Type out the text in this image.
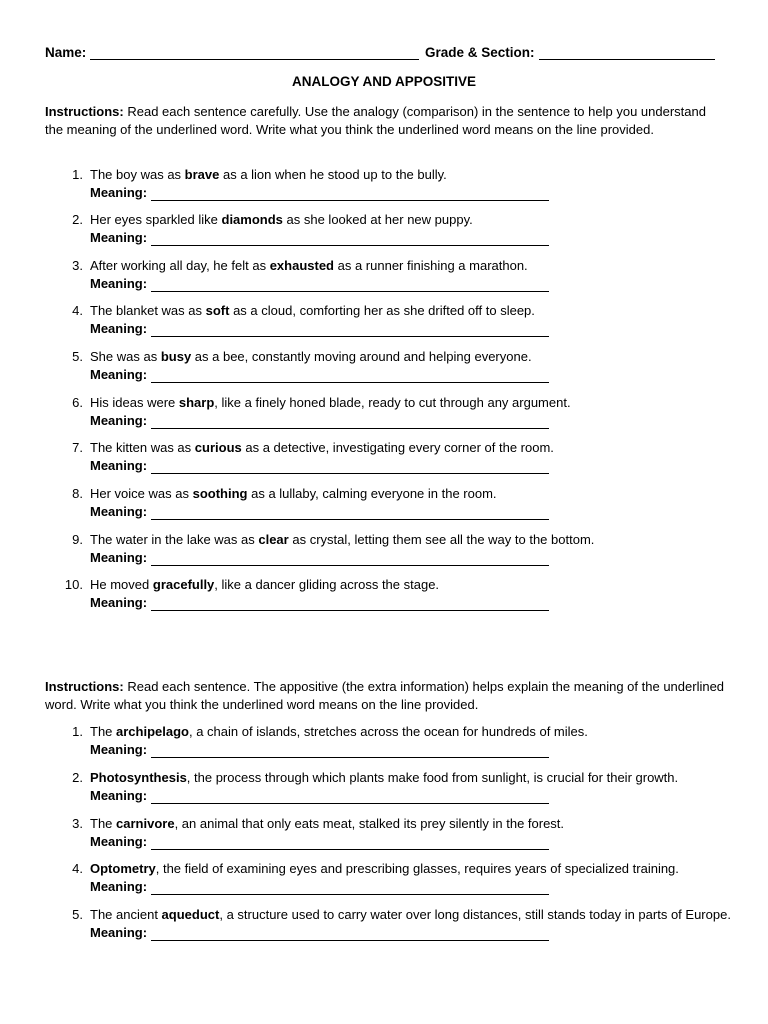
Name:	Grade & Section:
ANALOGY AND APPOSITIVE
Instructions: Read each sentence carefully. Use the analogy (comparison) in the sentence to help you understand the meaning of the underlined word. Write what you think the underlined word means on the line provided.
1. The boy was as brave as a lion when he stood up to the bully.
Meaning:
2. Her eyes sparkled like diamonds as she looked at her new puppy.
Meaning:
3. After working all day, he felt as exhausted as a runner finishing a marathon.
Meaning:
4. The blanket was as soft as a cloud, comforting her as she drifted off to sleep.
Meaning:
5. She was as busy as a bee, constantly moving around and helping everyone.
Meaning:
6. His ideas were sharp, like a finely honed blade, ready to cut through any argument.
Meaning:
7. The kitten was as curious as a detective, investigating every corner of the room.
Meaning:
8. Her voice was as soothing as a lullaby, calming everyone in the room.
Meaning:
9. The water in the lake was as clear as crystal, letting them see all the way to the bottom.
Meaning:
10. He moved gracefully, like a dancer gliding across the stage.
Meaning:
Instructions: Read each sentence. The appositive (the extra information) helps explain the meaning of the underlined word. Write what you think the underlined word means on the line provided.
1. The archipelago, a chain of islands, stretches across the ocean for hundreds of miles.
Meaning:
2. Photosynthesis, the process through which plants make food from sunlight, is crucial for their growth.
Meaning:
3. The carnivore, an animal that only eats meat, stalked its prey silently in the forest.
Meaning:
4. Optometry, the field of examining eyes and prescribing glasses, requires years of specialized training.
Meaning:
5. The ancient aqueduct, a structure used to carry water over long distances, still stands today in parts of Europe.
Meaning:
